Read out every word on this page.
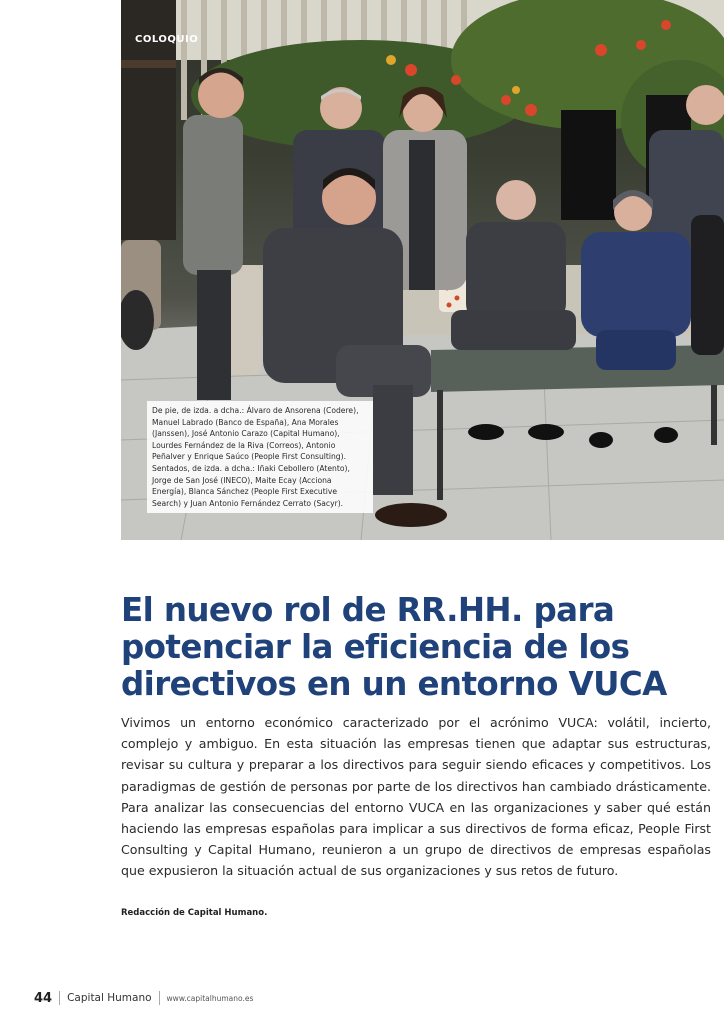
COLOQUIO

De pie, de izda. a dcha.: Álvaro de Ansorena (Codere), Manuel Labrado (Banco de España), Ana Morales (Janssen), José Antonio Carazo (Capital Humano), Lourdes Fernández de la Riva (Correos), Antonio Peñalver y Enrique Saúco (People First Consulting). Sentados, de izda. a dcha.: Iñaki Cebollero (Atento), Jorge de San José (INECO), Maite Ecay (Acciona Energía), Blanca Sánchez (People First Executive Search) y Juan Antonio Fernández Cerrato (Sacyr).

El nuevo rol de RR.HH. para potenciar la eficiencia de los directivos en un entorno VUCA

Vivimos un entorno económico caracterizado por el acrónimo VUCA: volátil, incierto, complejo y ambiguo. En esta situación las empresas tienen que adaptar sus estructuras, revisar su cultura y preparar a los directivos para seguir siendo eficaces y competitivos. Los paradigmas de gestión de personas por parte de los directivos han cambiado drásticamente. Para analizar las consecuencias del entorno VUCA en las organizaciones y saber qué están haciendo las empresas españolas para implicar a sus directivos de forma eficaz, People First Consulting y Capital Humano, reunieron a un grupo de directivos de empresas españolas que expusieron la situación actual de sus organizaciones y sus retos de futuro.

Redacción de Capital Humano.

44 Capital Humano www.capitalhumano.es
